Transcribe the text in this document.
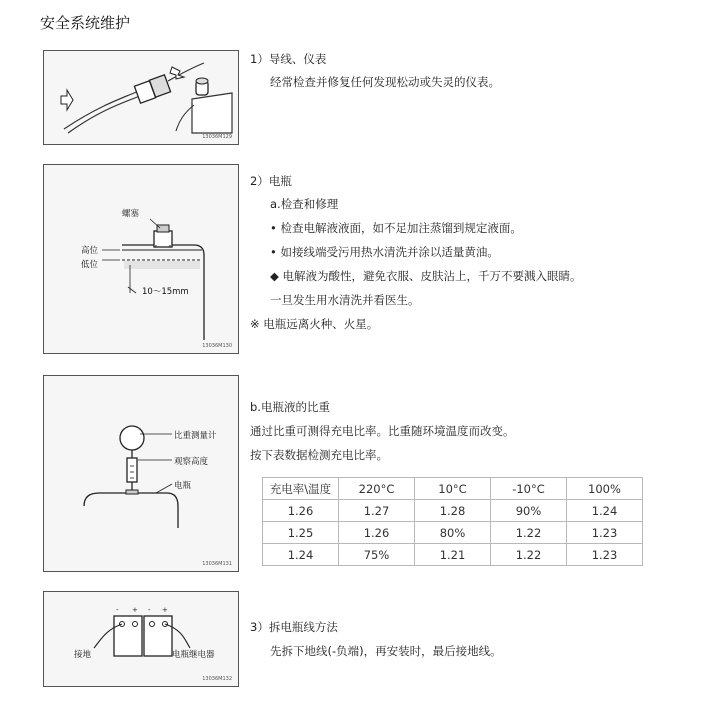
安全系统维护
13036M129
1）导线、仪表
经常检查并修复任何发现松动或失灵的仪表。
螺塞
高位
低位
10～15mm
13036M130
2）电瓶
a.检查和修理
• 检查电解液液面，如不足加注蒸馏到规定液面。
• 如接线端受污用热水清洗并涂以适量黄油。
◆ 电解液为酸性，避免衣服、皮肤沾上，千万不要溅入眼睛。
一旦发生用水清洗并看医生。
※ 电瓶远离火种、火星。
比重测量计
观察高度
电瓶
13036M131
b.电瓶液的比重
通过比重可测得充电比率。比重随环境温度而改变。
按下表数据检测充电比率。
充电率\温度	220°C	10°C	-10°C	100%
1.26	1.27	1.28	90%	1.24
1.25	1.26	80%	1.22	1.23
1.24	75%	1.21	1.22	1.23
- + - +
接地	电瓶继电器
13036M132
3）拆电瓶线方法
先拆下地线(-负端)，再安装时，最后接地线。
